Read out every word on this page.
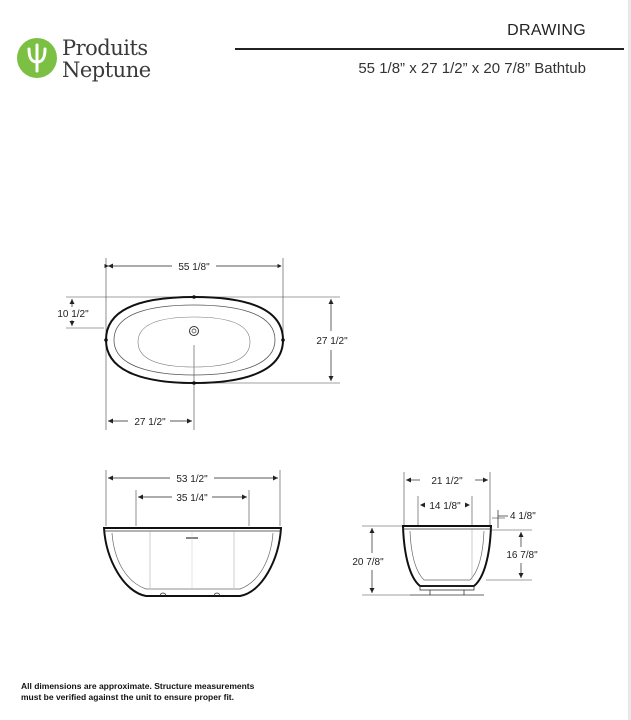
Produits
Neptune
DRAWING
55 1/8” x 27 1/2” x 20 7/8” Bathtub
55 1/8"
27 1/2"
10 1/2"
27 1/2"
53 1/2"
35 1/4"
21 1/2"
14 1/8"
4 1/8"
20 7/8"
16 7/8"
All dimensions are approximate. Structure measurements
must be verified against the unit to ensure proper fit.
